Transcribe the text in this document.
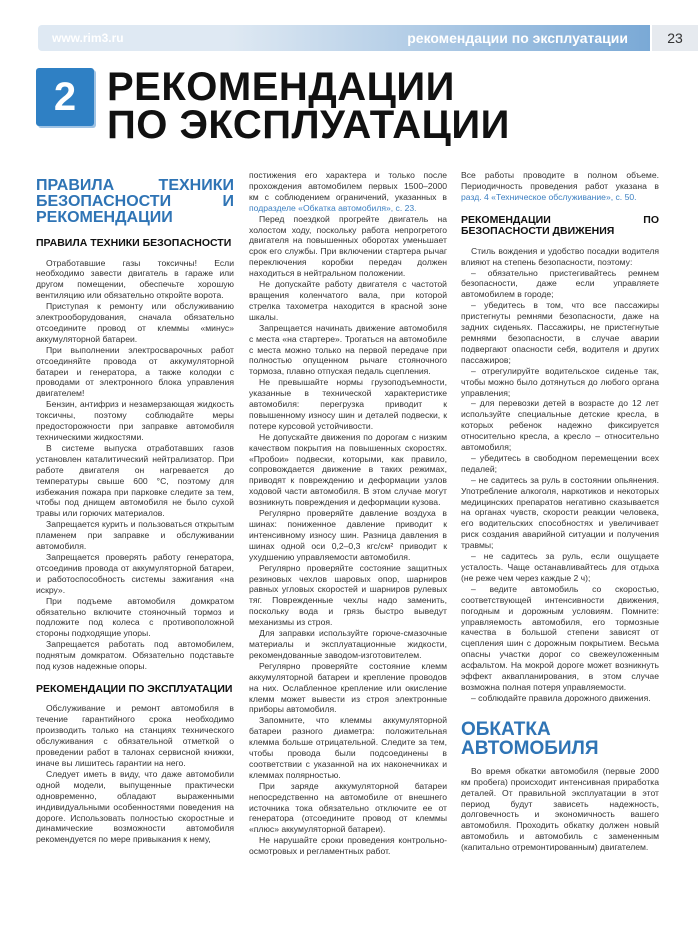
www.rim3.ru	рекомендации по эксплуатации	23
2 РЕКОМЕНДАЦИИ
ПО ЭКСПЛУАТАЦИИ
ПРАВИЛА ТЕХНИКИ БЕЗОПАСНОСТИ И РЕКОМЕНДАЦИИ
ПРАВИЛА ТЕХНИКИ БЕЗОПАСНОСТИ

Отработавшие газы токсичны! Если необходимо завести двигатель в гараже или другом помещении, обеспечьте хорошую вентиляцию или обязательно откройте ворота.

Приступая к ремонту или обслуживанию электрооборудования, сначала обязательно отсоедините провод от клеммы «минус» аккумуляторной батареи.

При выполнении электросварочных работ отсоединяйте провода от аккумуляторной батареи и генератора, а также колодки с проводами от электронного блока управления двигателем!

Бензин, антифриз и незамерзающая жидкость токсичны, поэтому соблюдайте меры предосторожности при заправке автомобиля техническими жидкостями.

В системе выпуска отработавших газов установлен каталитический нейтрализатор. При работе двигателя он нагревается до температуры свыше 600 °С, поэтому для избежания пожара при парковке следите за тем, чтобы под днищем автомобиля не было сухой травы или горючих материалов.

Запрещается курить и пользоваться открытым пламенем при заправке и обслуживании автомобиля.

Запрещается проверять работу генератора, отсоединив провода от аккумуляторной батареи, и работоспособность системы зажигания «на искру».

При подъеме автомобиля домкратом обязательно включите стояночный тормоз и подложите под колеса с противоположной стороны подходящие упоры.

Запрещается работать под автомобилем, поднятым домкратом. Обязательно подставьте под кузов надежные опоры.

РЕКОМЕНДАЦИИ ПО ЭКСПЛУАТАЦИИ

Обслуживание и ремонт автомобиля в течение гарантийного срока необходимо производить только на станциях технического обслуживания с обязательной отметкой о проведении работ в талонах сервисной книжки, иначе вы лишитесь гарантии на него.

Следует иметь в виду, что даже автомобили одной модели, выпущенные практически одновременно, обладают выраженными индивидуальными особенностями поведения на дороге. Использовать полностью скоростные и динамические возможности автомобиля рекомендуется по мере привыкания к нему,

постижения его характера и только после прохождения автомобилем первых 1500–2000 км с соблюдением ограничений, указанных в подразделе «Обкатка автомобиля», с. 23.

Перед поездкой прогрейте двигатель на холостом ходу, поскольку работа непрогретого двигателя на повышенных оборотах уменьшает срок его службы. При включении стартера рычаг переключения коробки передач должен находиться в нейтральном положении.

Не допускайте работу двигателя с частотой вращения коленчатого вала, при которой стрелка тахометра находится в красной зоне шкалы.

Запрещается начинать движение автомобиля с места «на стартере». Трогаться на автомобиле с места можно только на первой передаче при полностью опущенном рычаге стояночного тормоза, плавно отпуская педаль сцепления.

Не превышайте нормы грузоподъемности, указанные в технической характеристике автомобиля: перегрузка приводит к повышенному износу шин и деталей подвески, к потере курсовой устойчивости.

Не допускайте движения по дорогам с низким качеством покрытия на повышенных скоростях. «Пробои» подвески, которыми, как правило, сопровождается движение в таких режимах, приводят к повреждению и деформации узлов ходовой части автомобиля. В этом случае могут возникнуть повреждения и деформации кузова.

Регулярно проверяйте давление воздуха в шинах: пониженное давление приводит к интенсивному износу шин. Разница давления в шинах одной оси 0,2–0,3 кгс/см² приводит к ухудшению управляемости автомобиля.

Регулярно проверяйте состояние защитных резиновых чехлов шаровых опор, шарниров равных угловых скоростей и шарниров рулевых тяг. Поврежденные чехлы надо заменить, поскольку вода и грязь быстро выведут механизмы из строя.

Для заправки используйте горюче-смазочные материалы и эксплуатационные жидкости, рекомендованные заводом-изготовителем.

Регулярно проверяйте состояние клемм аккумуляторной батареи и крепление проводов на них. Ослабленное крепление или окисление клемм может вывести из строя электронные приборы автомобиля.

Запомните, что клеммы аккумуляторной батареи разного диаметра: положительная клемма больше отрицательной. Следите за тем, чтобы провода были подсоединены в соответствии с указанной на их наконечниках и клеммах полярностью.

При заряде аккумуляторной батареи непосредственно на автомобиле от внешнего источника тока обязательно отключите ее от генератора (отсоедините провод от клеммы «плюс» аккумуляторной батареи).

Не нарушайте сроки проведения контрольно-осмотровых и регламентных работ.

Все работы проводите в полном объеме. Периодичность проведения работ указана в разд. 4 «Техническое обслуживание», с. 50.

РЕКОМЕНДАЦИИ ПО БЕЗОПАСНОСТИ ДВИЖЕНИЯ

Стиль вождения и удобство посадки водителя влияют на степень безопасности, поэтому:

– обязательно пристегивайтесь ремнем безопасности, даже если управляете автомобилем в городе;

– убедитесь в том, что все пассажиры пристегнуты ремнями безопасности, даже на задних сиденьях. Пассажиры, не пристегнутые ремнями безопасности, в случае аварии подвергают опасности себя, водителя и других пассажиров;

– отрегулируйте водительское сиденье так, чтобы можно было дотянуться до любого органа управления;

– для перевозки детей в возрасте до 12 лет используйте специальные детские кресла, в которых ребенок надежно фиксируется относительно кресла, а кресло – относительно автомобиля;

– убедитесь в свободном перемещении всех педалей;

– не садитесь за руль в состоянии опьянения. Употребление алкоголя, наркотиков и некоторых медицинских препаратов негативно сказывается на органах чувств, скорости реакции человека, его водительских способностях и увеличивает риск создания аварийной ситуации и получения травмы;

– не садитесь за руль, если ощущаете усталость. Чаще останавливайтесь для отдыха (не реже чем через каждые 2 ч);

– ведите автомобиль со скоростью, соответствующей интенсивности движения, погодным и дорожным условиям. Помните: управляемость автомобиля, его тормозные качества в большой степени зависят от сцепления шин с дорожным покрытием. Весьма опасны участки дорог со свежеуложенным асфальтом. На мокрой дороге может возникнуть эффект аквапланирования, в этом случае возможна полная потеря управляемости.

– соблюдайте правила дорожного движения.

ОБКАТКА АВТОМОБИЛЯ

Во время обкатки автомобиля (первые 2000 км пробега) происходит интенсивная приработка деталей. От правильной эксплуатации в этот период будут зависеть надежность, долговечность и экономичность вашего автомобиля. Проходить обкатку должен новый автомобиль и автомобиль с замененным (капитально отремонтированным) двигателем.
